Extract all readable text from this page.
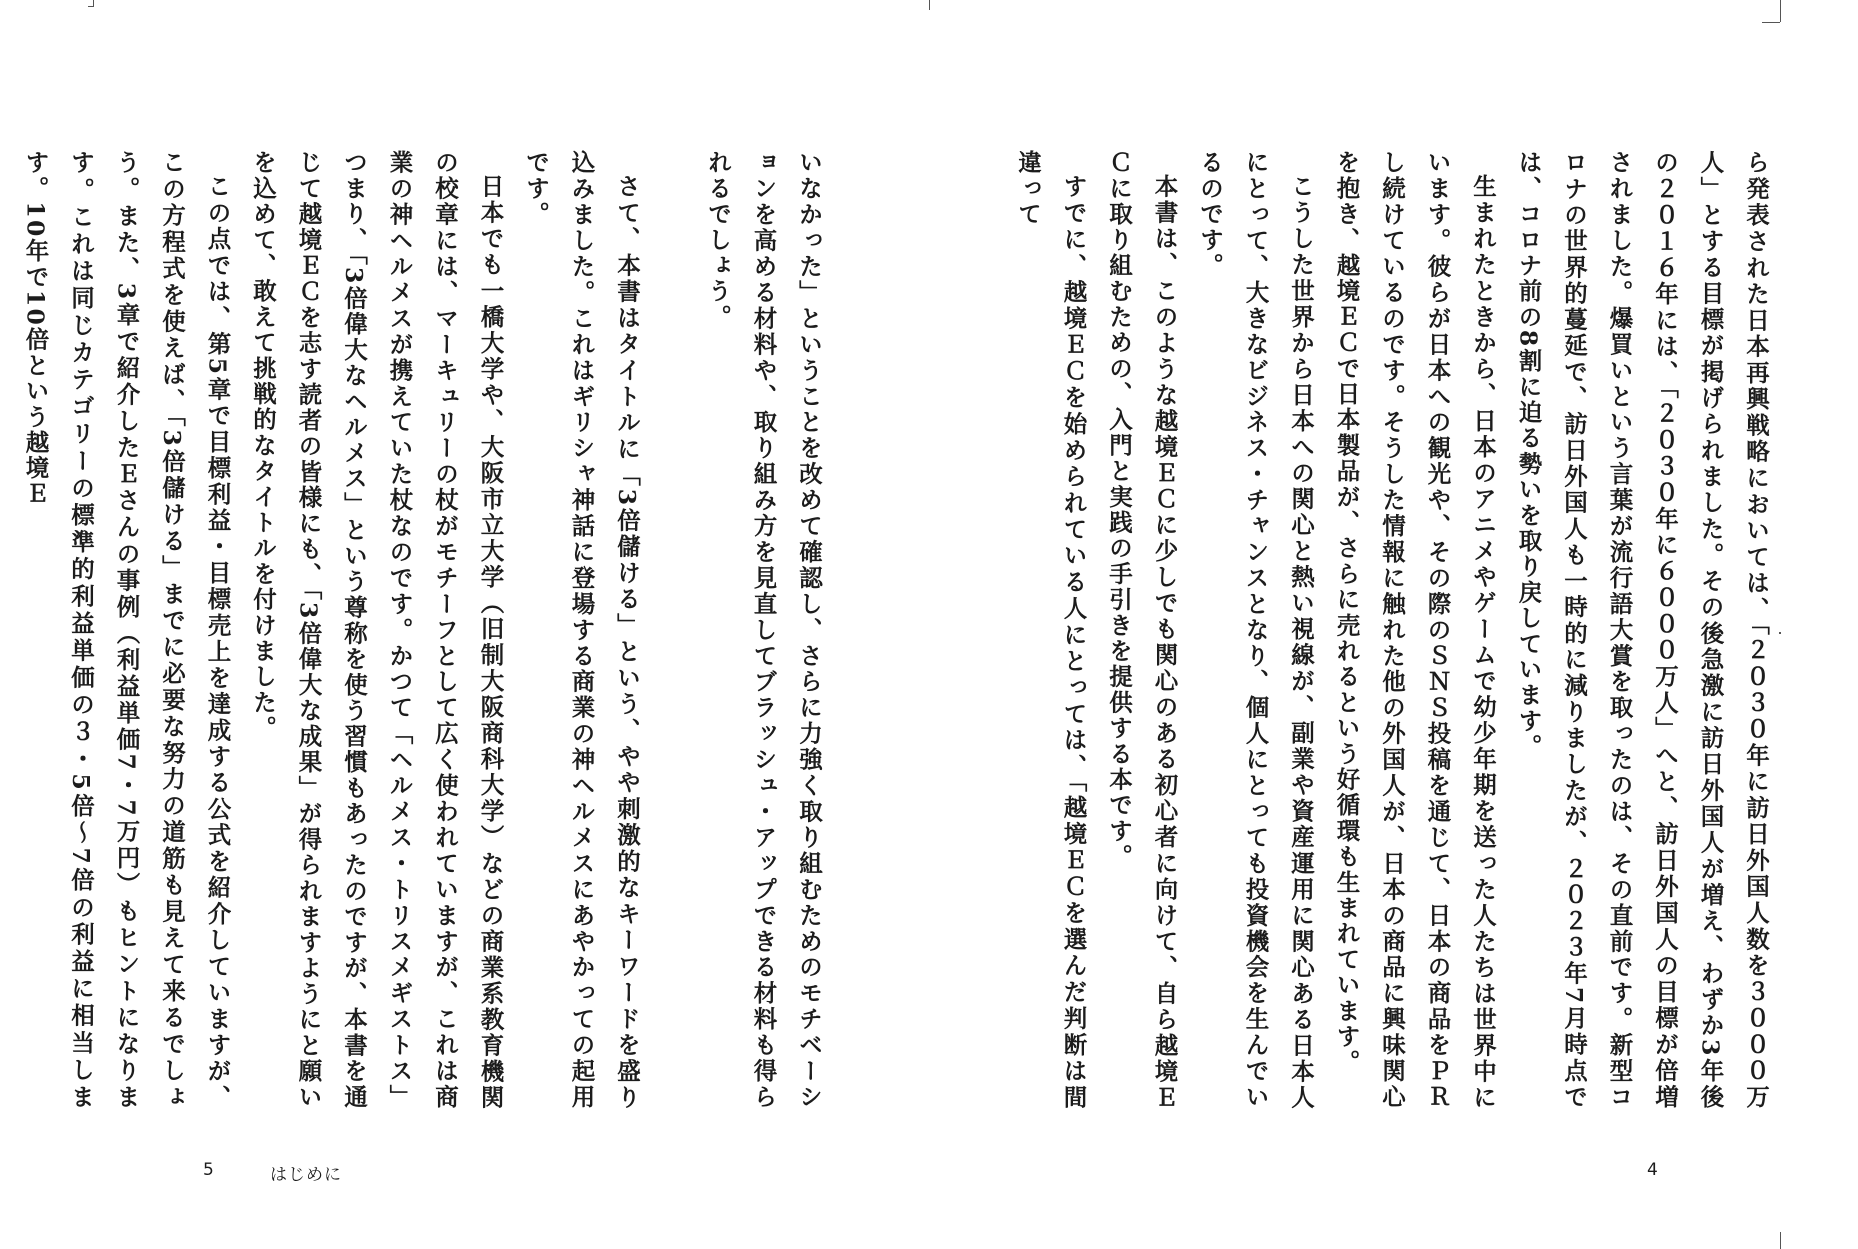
いなかった」ということを改めて確認し、さらに力強く取り組むためのモチベーションを高める材料や、取り組み方を見直してブラッシュ・アップできる材料も得られるでしょう。

さて、本書はタイトルに「3倍儲ける」という、やや刺激的なキーワードを盛り込みました。これはギリシャ神話に登場する商業の神ヘルメスにあやかっての起用です。

日本でも一橋大学や、大阪市立大学（旧制大阪商科大学）などの商業系教育機関の校章には、マーキュリーの杖がモチーフとして広く使われていますが、これは商業の神ヘルメスが携えていた杖なのです。かつて「ヘルメス・トリスメギストス」つまり、「3倍偉大なヘルメス」という尊称を使う習慣もあったのですが、本書を通じて越境ＥＣを志す読者の皆様にも、「3倍偉大な成果」が得られますようにと願いを込めて、敢えて挑戦的なタイトルを付けました。

この点では、第5章で目標利益・目標売上を達成する公式を紹介していますが、この方程式を使えば、「3倍儲ける」までに必要な努力の道筋も見えて来るでしょう。また、3章で紹介したＥさんの事例（利益単価7・7万円）もヒントになります。これは同じカテゴリーの標準的利益単価の３・5倍〜7倍の利益に相当します。10年で10倍という越境Ｅ

5	はじめに

ら発表された日本再興戦略においては、「２０３０年に訪日外国人数を３０００万人」とする目標が掲げられました。その後急激に訪日外国人が増え、わずか3年後の２０１６年には、「２０３０年に６０００万人」へと、訪日外国人の目標が倍増されました。爆買いという言葉が流行語大賞を取ったのは、その直前です。新型コロナの世界的蔓延で、訪日外国人も一時的に減りましたが、２０２３年7月時点では、コロナ前の8割に迫る勢いを取り戻しています。

生まれたときから、日本のアニメやゲームで幼少年期を送った人たちは世界中にいます。彼らが日本への観光や、その際のＳＮＳ投稿を通じて、日本の商品をＰＲし続けているのです。そうした情報に触れた他の外国人が、日本の商品に興味関心を抱き、越境ＥＣで日本製品が、さらに売れるという好循環も生まれています。

こうした世界から日本への関心と熱い視線が、副業や資産運用に関心ある日本人にとって、大きなビジネス・チャンスとなり、個人にとっても投資機会を生んでいるのです。

本書は、このような越境ＥＣに少しでも関心のある初心者に向けて、自ら越境ＥＣに取り組むための、入門と実践の手引きを提供する本です。

すでに、越境ＥＣを始められている人にとっては、「越境ＥＣを選んだ判断は間違って

4
